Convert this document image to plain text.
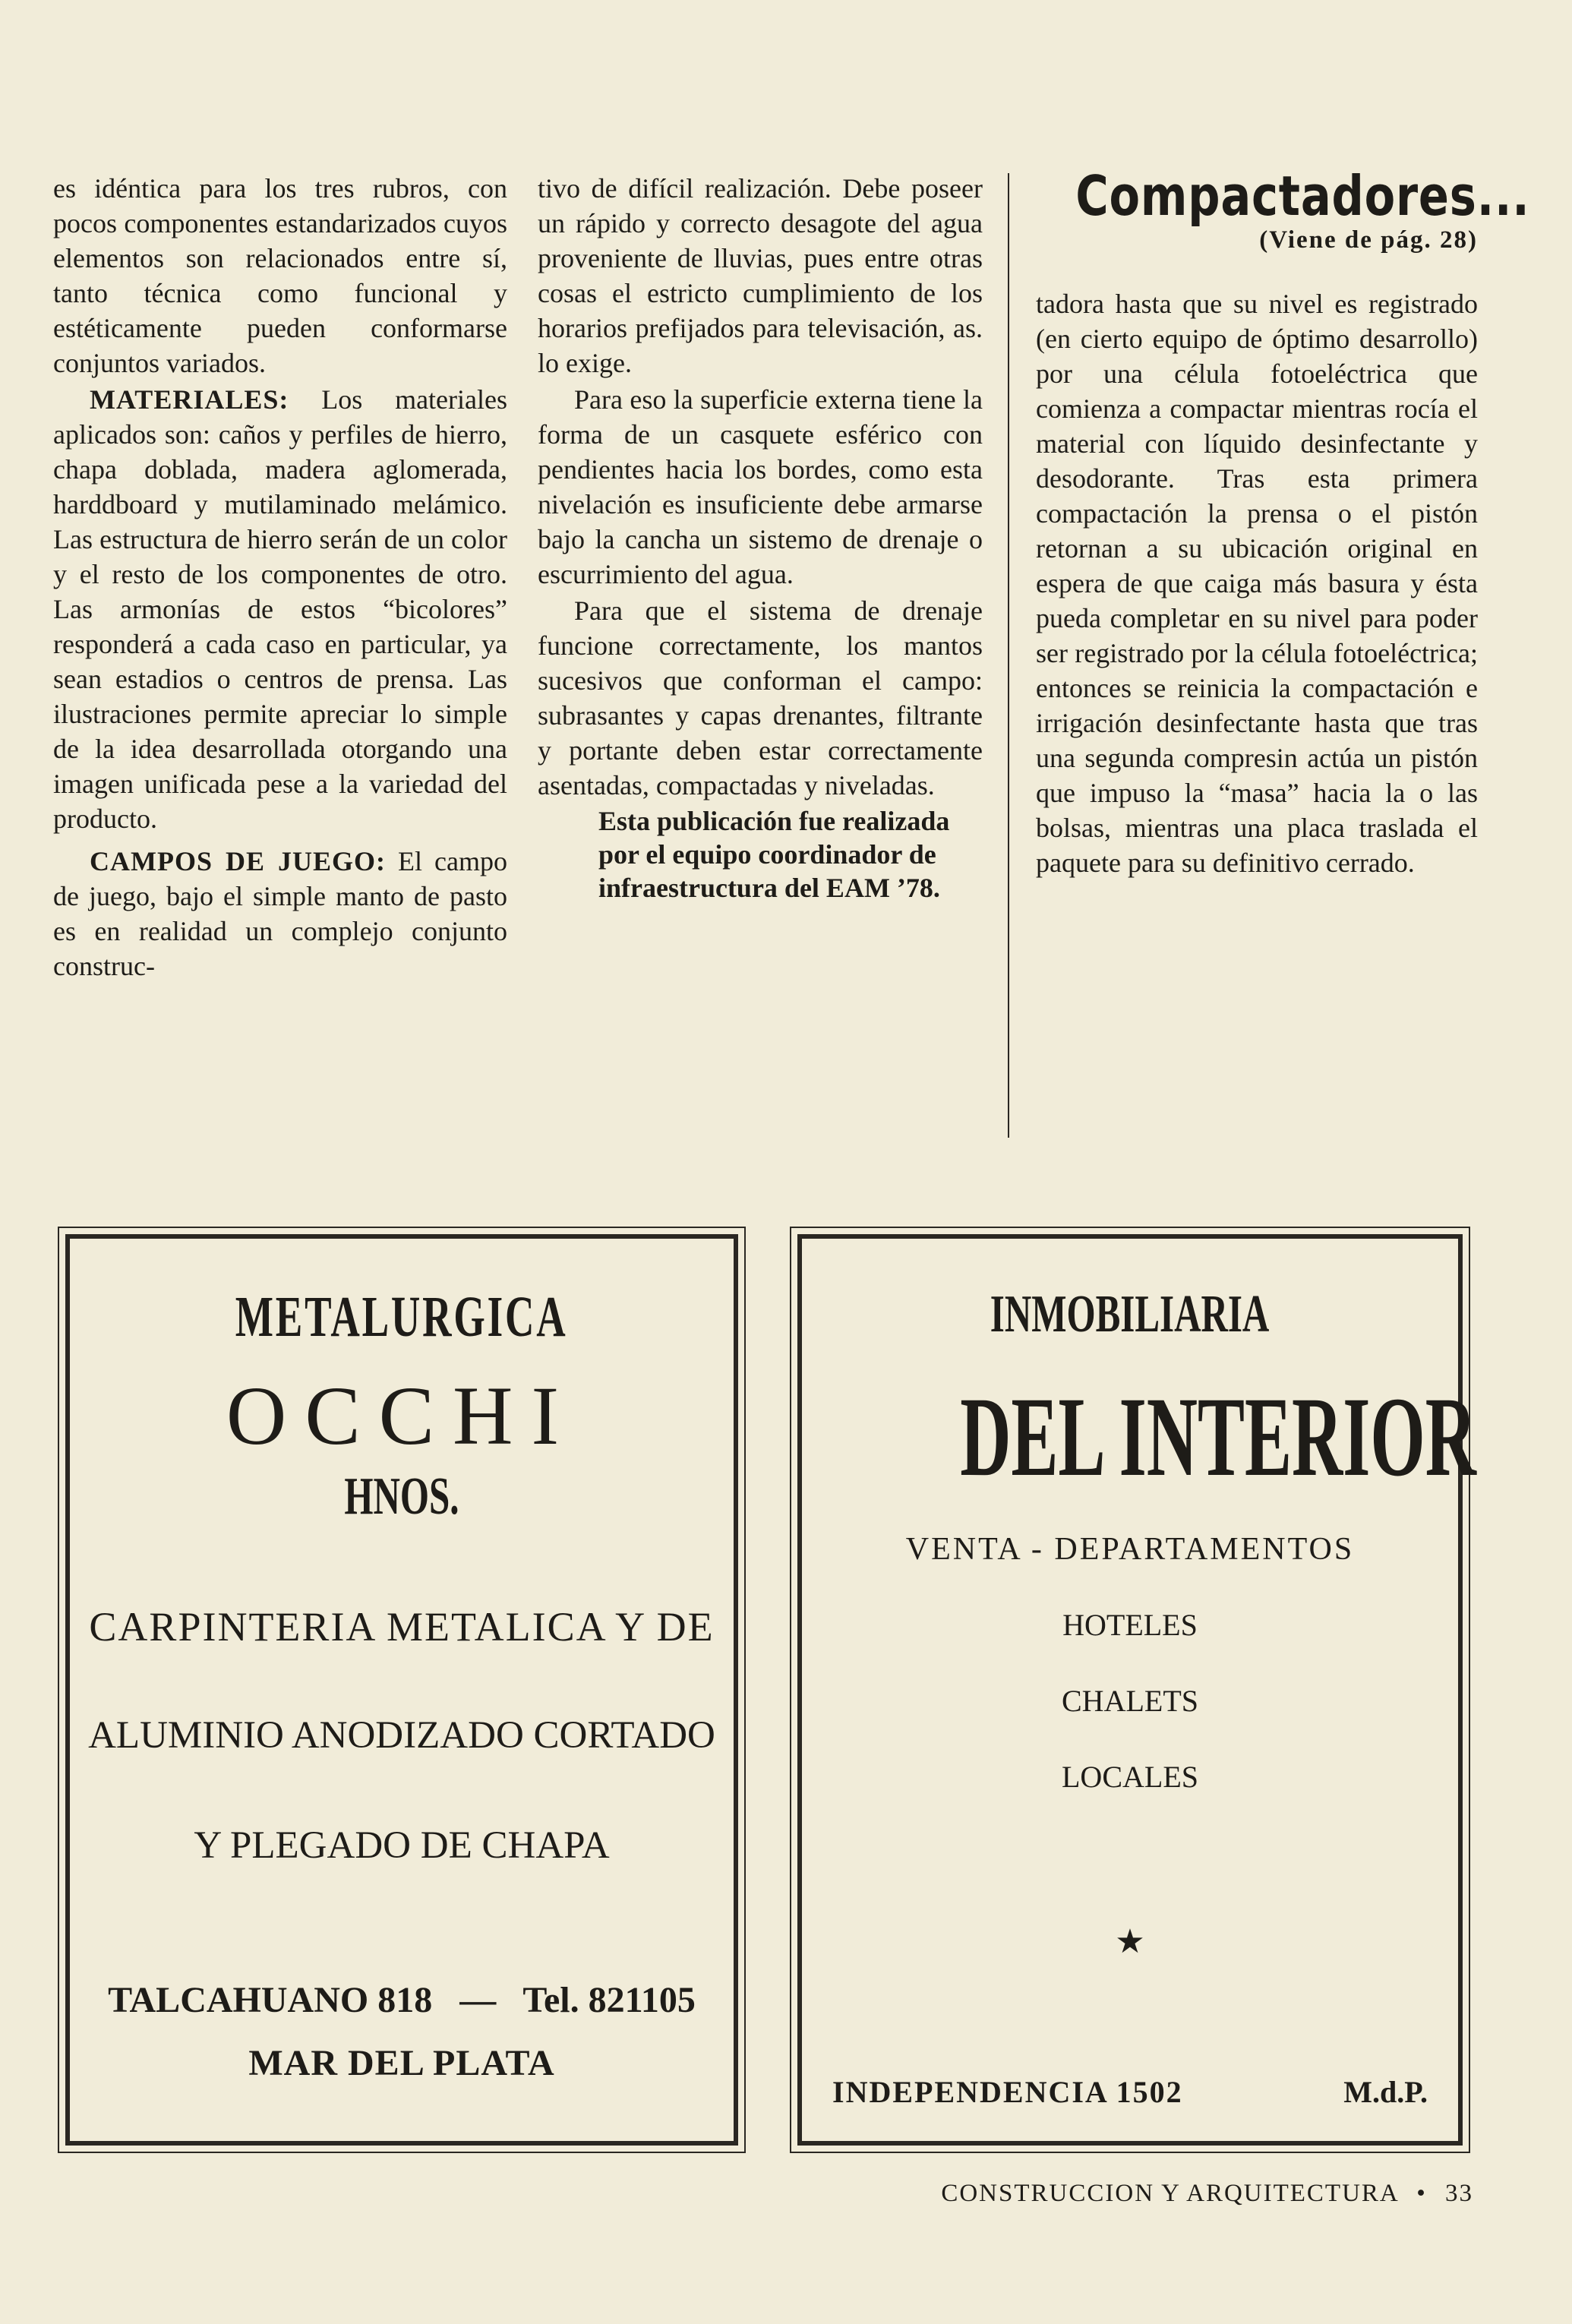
es idéntica para los tres rubros, con pocos componentes estandarizados cuyos elementos son relacionados entre sí, tanto técnica como funcional y estéticamente pueden conformarse conjuntos variados.

MATERIALES: Los materiales aplicados son: caños y perfiles de hierro, chapa doblada, madera aglomerada, harddboard y mutilaminado melámico. Las estructura de hierro serán de un color y el resto de los componentes de otro. Las armonías de estos “bicolores” responderá a cada caso en particular, ya sean estadios o centros de prensa. Las ilustraciones permite apreciar lo simple de la idea desarrollada otorgando una imagen unificada pese a la variedad del producto.

CAMPOS DE JUEGO: El campo de juego, bajo el simple manto de pasto es en realidad un complejo conjunto construc-

tivo de difícil realización. Debe poseer un rápido y correcto desagote del agua proveniente de lluvias, pues entre otras cosas el estricto cumplimiento de los horarios prefijados para televisación, as. lo exige.

Para eso la superficie externa tiene la forma de un casquete esférico con pendientes hacia los bordes, como esta nivelación es insuficiente debe armarse bajo la cancha un sistemo de drenaje o escurrimiento del agua.

Para que el sistema de drenaje funcione correctamente, los mantos sucesivos que conforman el campo: subrasantes y capas drenantes, filtrante y portante deben estar correctamente asentadas, compactadas y niveladas.

Esta publicación fue realizada por el equipo coordinador de infraestructura del EAM ’78.

Compactadores...
(Viene de pág. 28)

tadora hasta que su nivel es registrado (en cierto equipo de óptimo desarrollo) por una célula fotoeléctrica que comienza a compactar mientras rocía el material con líquido desinfectante y desodorante. Tras esta primera compactación la prensa o el pistón retornan a su ubicación original en espera de que caiga más basura y ésta pueda completar en su nivel para poder ser registrado por la célula fotoeléctrica; entonces se reinicia la compactación e irrigación desinfectante hasta que tras una segunda compresin actúa un pistón que impuso la “masa” hacia la o las bolsas, mientras una placa traslada el paquete para su definitivo cerrado.

METALURGICA
OCCHI
HNOS.
CARPINTERIA METALICA Y DE
ALUMINIO ANODIZADO CORTADO
Y PLEGADO DE CHAPA
TALCAHUANO 818 — Tel. 821105
MAR DEL PLATA
INMOBILIARIA
DEL INTERIOR
VENTA - DEPARTAMENTOS
HOTELES
CHALETS
LOCALES
★
INDEPENDENCIA 1502	M.d.P.
CONSTRUCCION Y ARQUITECTURA • 33
